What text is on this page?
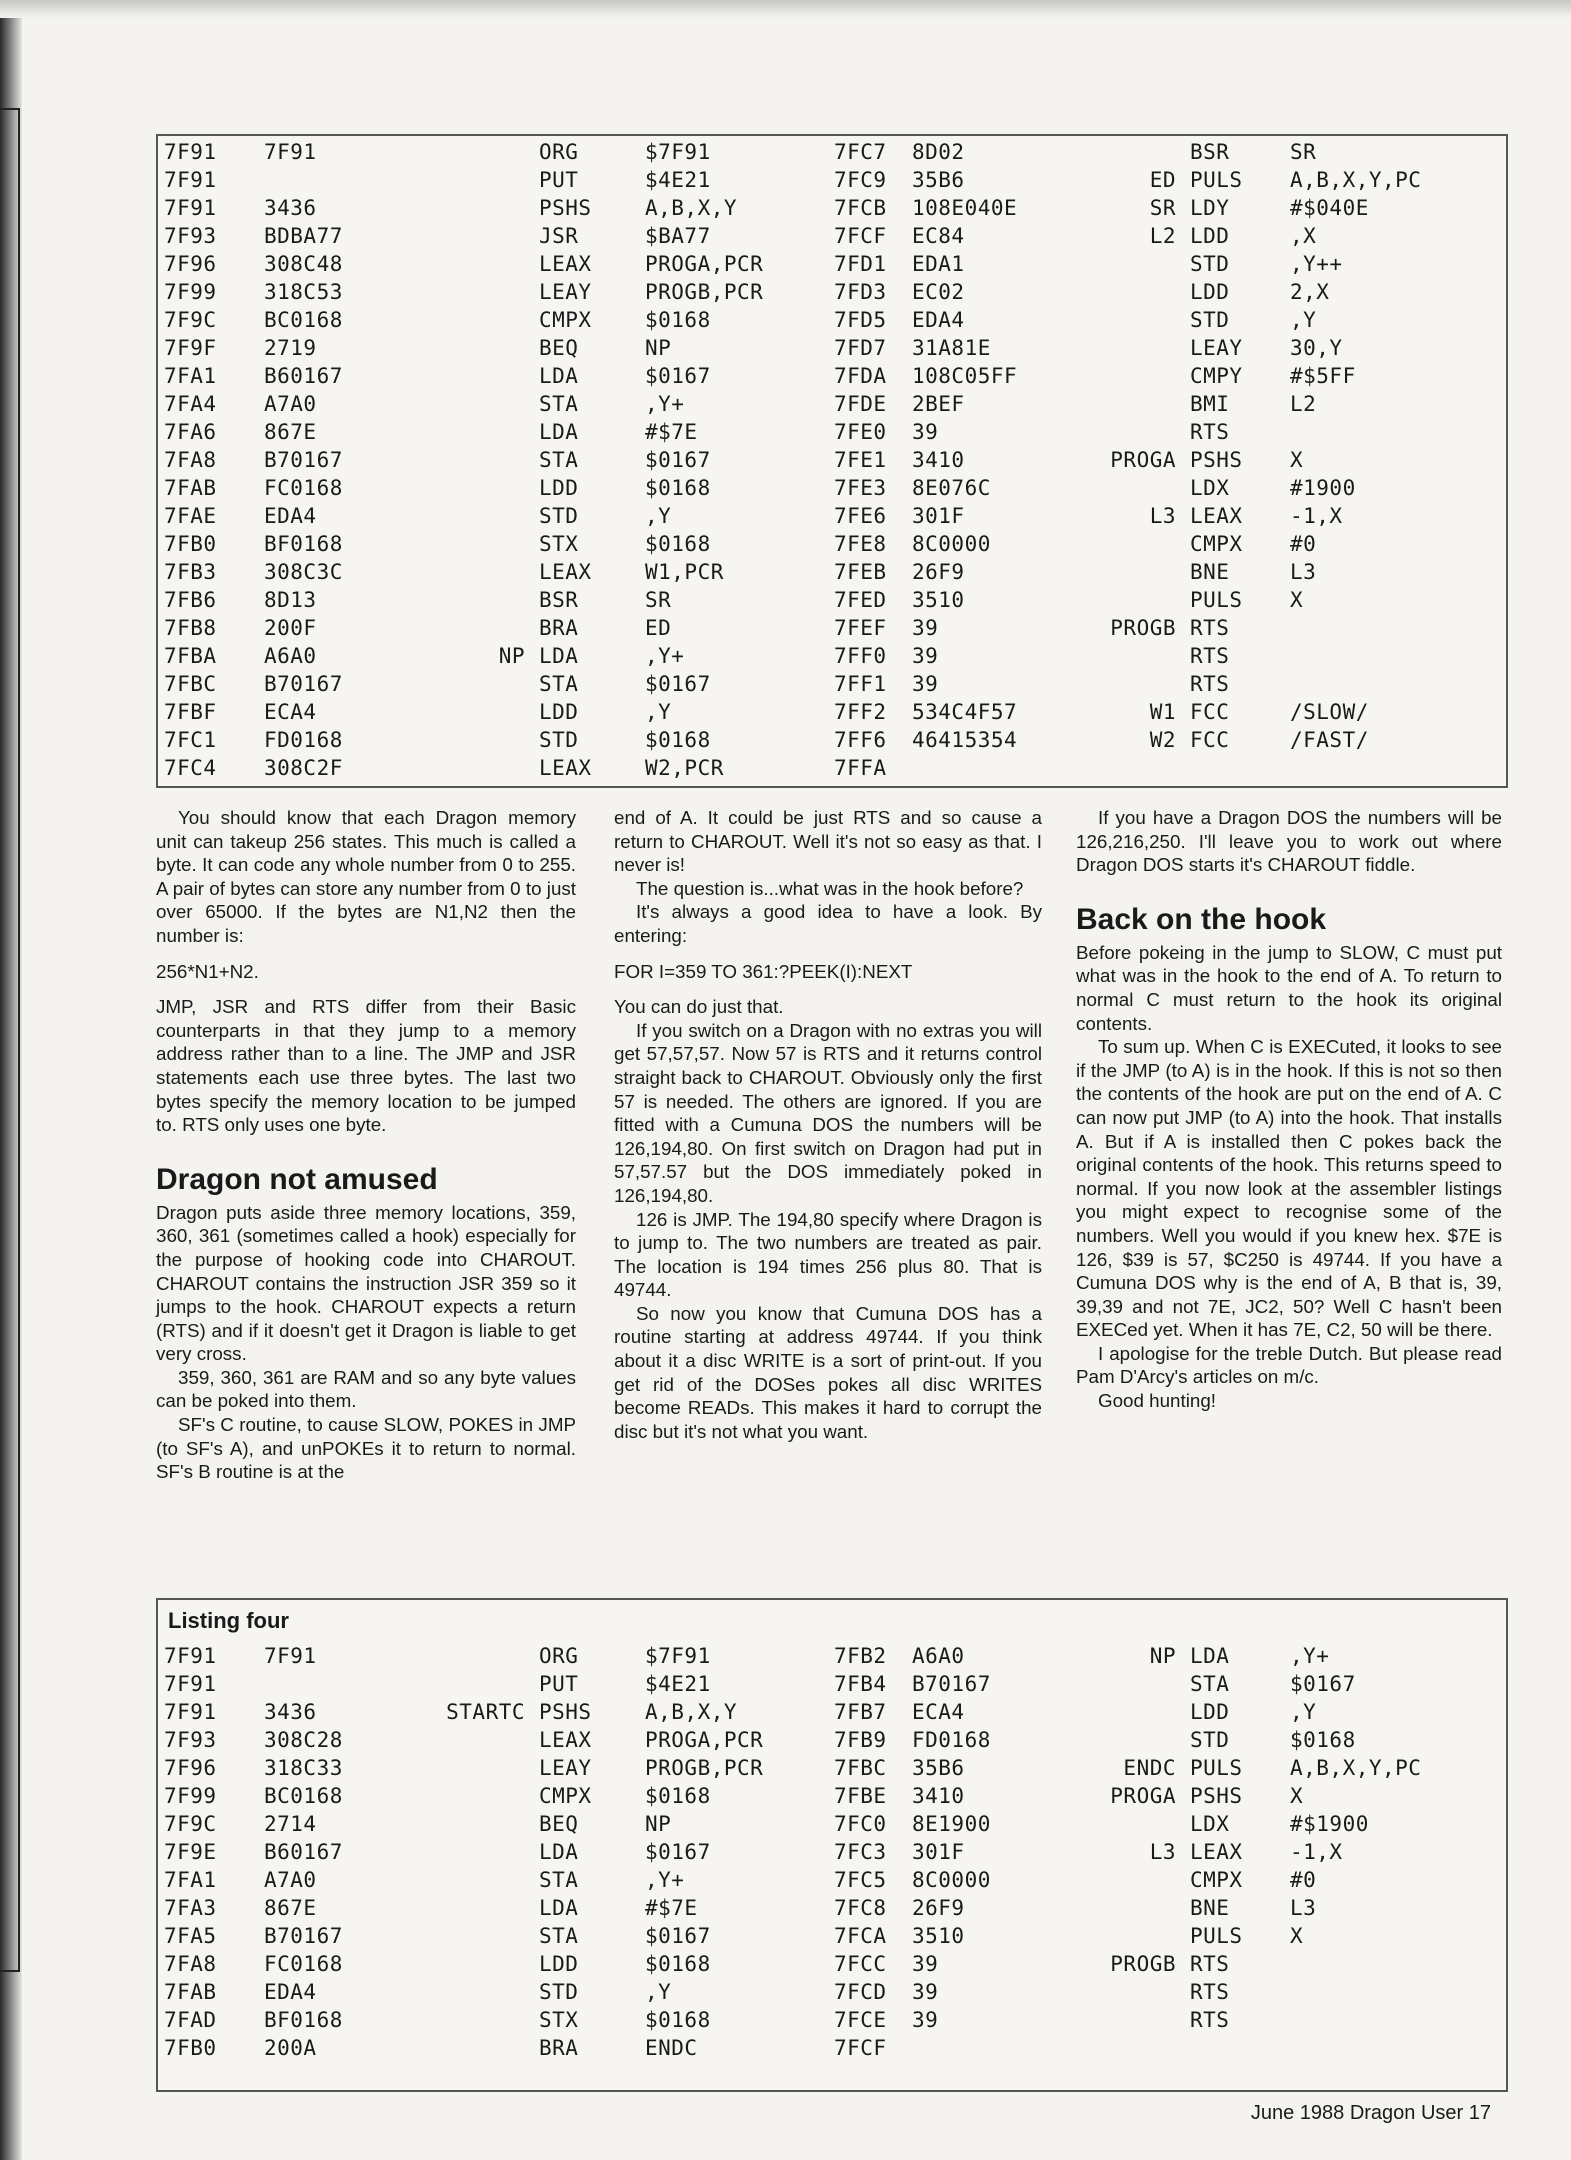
7F91 7F91	ORG	$7F91
7F91	PUT	$4E21
7F91 3436	PSHS	A,B,X,Y
7F93 BDBA77	JSR	$BA77
7F96 308C48	LEAX	PROGA,PCR
7F99 318C53	LEAY	PROGB,PCR
7F9C BC0168	CMPX	$0168
7F9F 2719	BEQ	NP
7FA1 B60167	LDA	$0167
7FA4 A7A0	STA	,Y+
7FA6 867E	LDA	#$7E
7FA8 B70167	STA	$0167
7FAB FC0168	LDD	$0168
7FAE EDA4	STD	,Y
7FB0 BF0168	STX	$0168
7FB3 308C3C	LEAX	W1,PCR
7FB6 8D13	BSR	SR
7FB8 200F	BRA	ED
7FBA A6A0	NP LDA	,Y+
7FBC B70167	STA	$0167
7FBF ECA4	LDD	,Y
7FC1 FD0168	STD	$0168
7FC4 308C2F	LEAX	W2,PCR
7FC7 8D02	BSR	SR
7FC9 35B6	ED PULS A,B,X,Y,PC
7FCB 108E040E	SR LDY	#$040E
7FCF EC84	L2 LDD	,X
7FD1 EDA1	STD	,Y++
7FD3 EC02	LDD	2,X
7FD5 EDA4	STD	,Y
7FD7 31A81E	LEAY 30,Y
7FDA 108C05FF	CMPY #$5FF
7FDE 2BEF	BMI	L2
7FE0 39	RTS
7FE1 3410	PROGA PSHS X
7FE3 8E076C	LDX	#1900
7FE6 301F	L3 LEAX -1,X
7FE8 8C0000	CMPX #0
7FEB 26F9	BNE	L3
7FED 3510	PULS X
7FEF 39	PROGB RTS
7FF0 39	RTS
7FF1 39	RTS
7FF2 534C4F57	W1 FCC	/SLOW/
7FF6 46415354	W2 FCC	/FAST/
7FFA

You should know that each Dragon memory unit can takeup 256 states. This much is called a byte. It can code any whole number from 0 to 255. A pair of bytes can store any number from 0 to just over 65000. If the bytes are N1,N2 then the number is:

256*N1+N2.

JMP, JSR and RTS differ from their Basic counterparts in that they jump to a memory address rather than to a line. The JMP and JSR statements each use three bytes. The last two bytes specify the memory location to be jumped to. RTS only uses one byte.

Dragon not amused

Dragon puts aside three memory locations, 359, 360, 361 (sometimes called a hook) especially for the purpose of hooking code into CHAROUT. CHAROUT contains the instruction JSR 359 so it jumps to the hook. CHAROUT expects a return (RTS) and if it doesn't get it Dragon is liable to get very cross.

359, 360, 361 are RAM and so any byte values can be poked into them.

SF's C routine, to cause SLOW, POKES in JMP (to SF's A), and unPOKEs it to return to normal. SF's B routine is at the

end of A. It could be just RTS and so cause a return to CHAROUT. Well it's not so easy as that. I never is!

The question is...what was in the hook before?

It's always a good idea to have a look. By entering:

FOR I=359 TO 361:?PEEK(I):NEXT

You can do just that.

If you switch on a Dragon with no extras you will get 57,57,57. Now 57 is RTS and it returns control straight back to CHAROUT. Obviously only the first 57 is needed. The others are ignored. If you are fitted with a Cumuna DOS the numbers will be 126,194,80. On first switch on Dragon had put in 57,57.57 but the DOS immediately poked in 126,194,80.

126 is JMP. The 194,80 specify where Dragon is to jump to. The two numbers are treated as pair. The location is 194 times 256 plus 80. That is 49744.

So now you know that Cumuna DOS has a routine starting at address 49744. If you think about it a disc WRITE is a sort of print-out. If you get rid of the DOSes pokes all disc WRITES become READs. This makes it hard to corrupt the disc but it's not what you want.

If you have a Dragon DOS the numbers will be 126,216,250. I'll leave you to work out where Dragon DOS starts it's CHAROUT fiddle.

Back on the hook

Before pokeing in the jump to SLOW, C must put what was in the hook to the end of A. To return to normal C must return to the hook its original contents.

To sum up. When C is EXECuted, it looks to see if the JMP (to A) is in the hook. If this is not so then the contents of the hook are put on the end of A. C can now put JMP (to A) into the hook. That installs A. But if A is installed then C pokes back the original contents of the hook. This returns speed to normal. If you now look at the assembler listings you might expect to recognise some of the numbers. Well you would if you knew hex. $7E is 126, $39 is 57, $C250 is 49744. If you have a Cumuna DOS why is the end of A, B that is, 39, 39,39 and not 7E, JC2, 50? Well C hasn't been EXECed yet. When it has 7E, C2, 50 will be there.

I apologise for the treble Dutch. But please read Pam D'Arcy's articles on m/c.

Good hunting!

Listing four
7F91 7F91	ORG	$7F91
7F91	PUT	$4E21
7F91 3436	STARTC PSHS	A,B,X,Y
7F93 308C28	LEAX	PROGA,PCR
7F96 318C33	LEAY	PROGB,PCR
7F99 BC0168	CMPX	$0168
7F9C 2714	BEQ	NP
7F9E B60167	LDA	$0167
7FA1 A7A0	STA	,Y+
7FA3 867E	LDA	#$7E
7FA5 B70167	STA	$0167
7FA8 FC0168	LDD	$0168
7FAB EDA4	STD	,Y
7FAD BF0168	STX	$0168
7FB0 200A	BRA	ENDC
7FB2 A6A0	NP LDA	,Y+
7FB4 B70167	STA	$0167
7FB7 ECA4	LDD	,Y
7FB9 FD0168	STD	$0168
7FBC 35B6	ENDC PULS A,B,X,Y,PC
7FBE 3410	PROGA PSHS X
7FC0 8E1900	LDX	#$1900
7FC3 301F	L3 LEAX -1,X
7FC5 8C0000	CMPX #0
7FC8 26F9	BNE	L3
7FCA 3510	PULS X
7FCC 39	PROGB RTS
7FCD 39	RTS
7FCE 39	RTS
7FCF
June 1988 Dragon User 17
